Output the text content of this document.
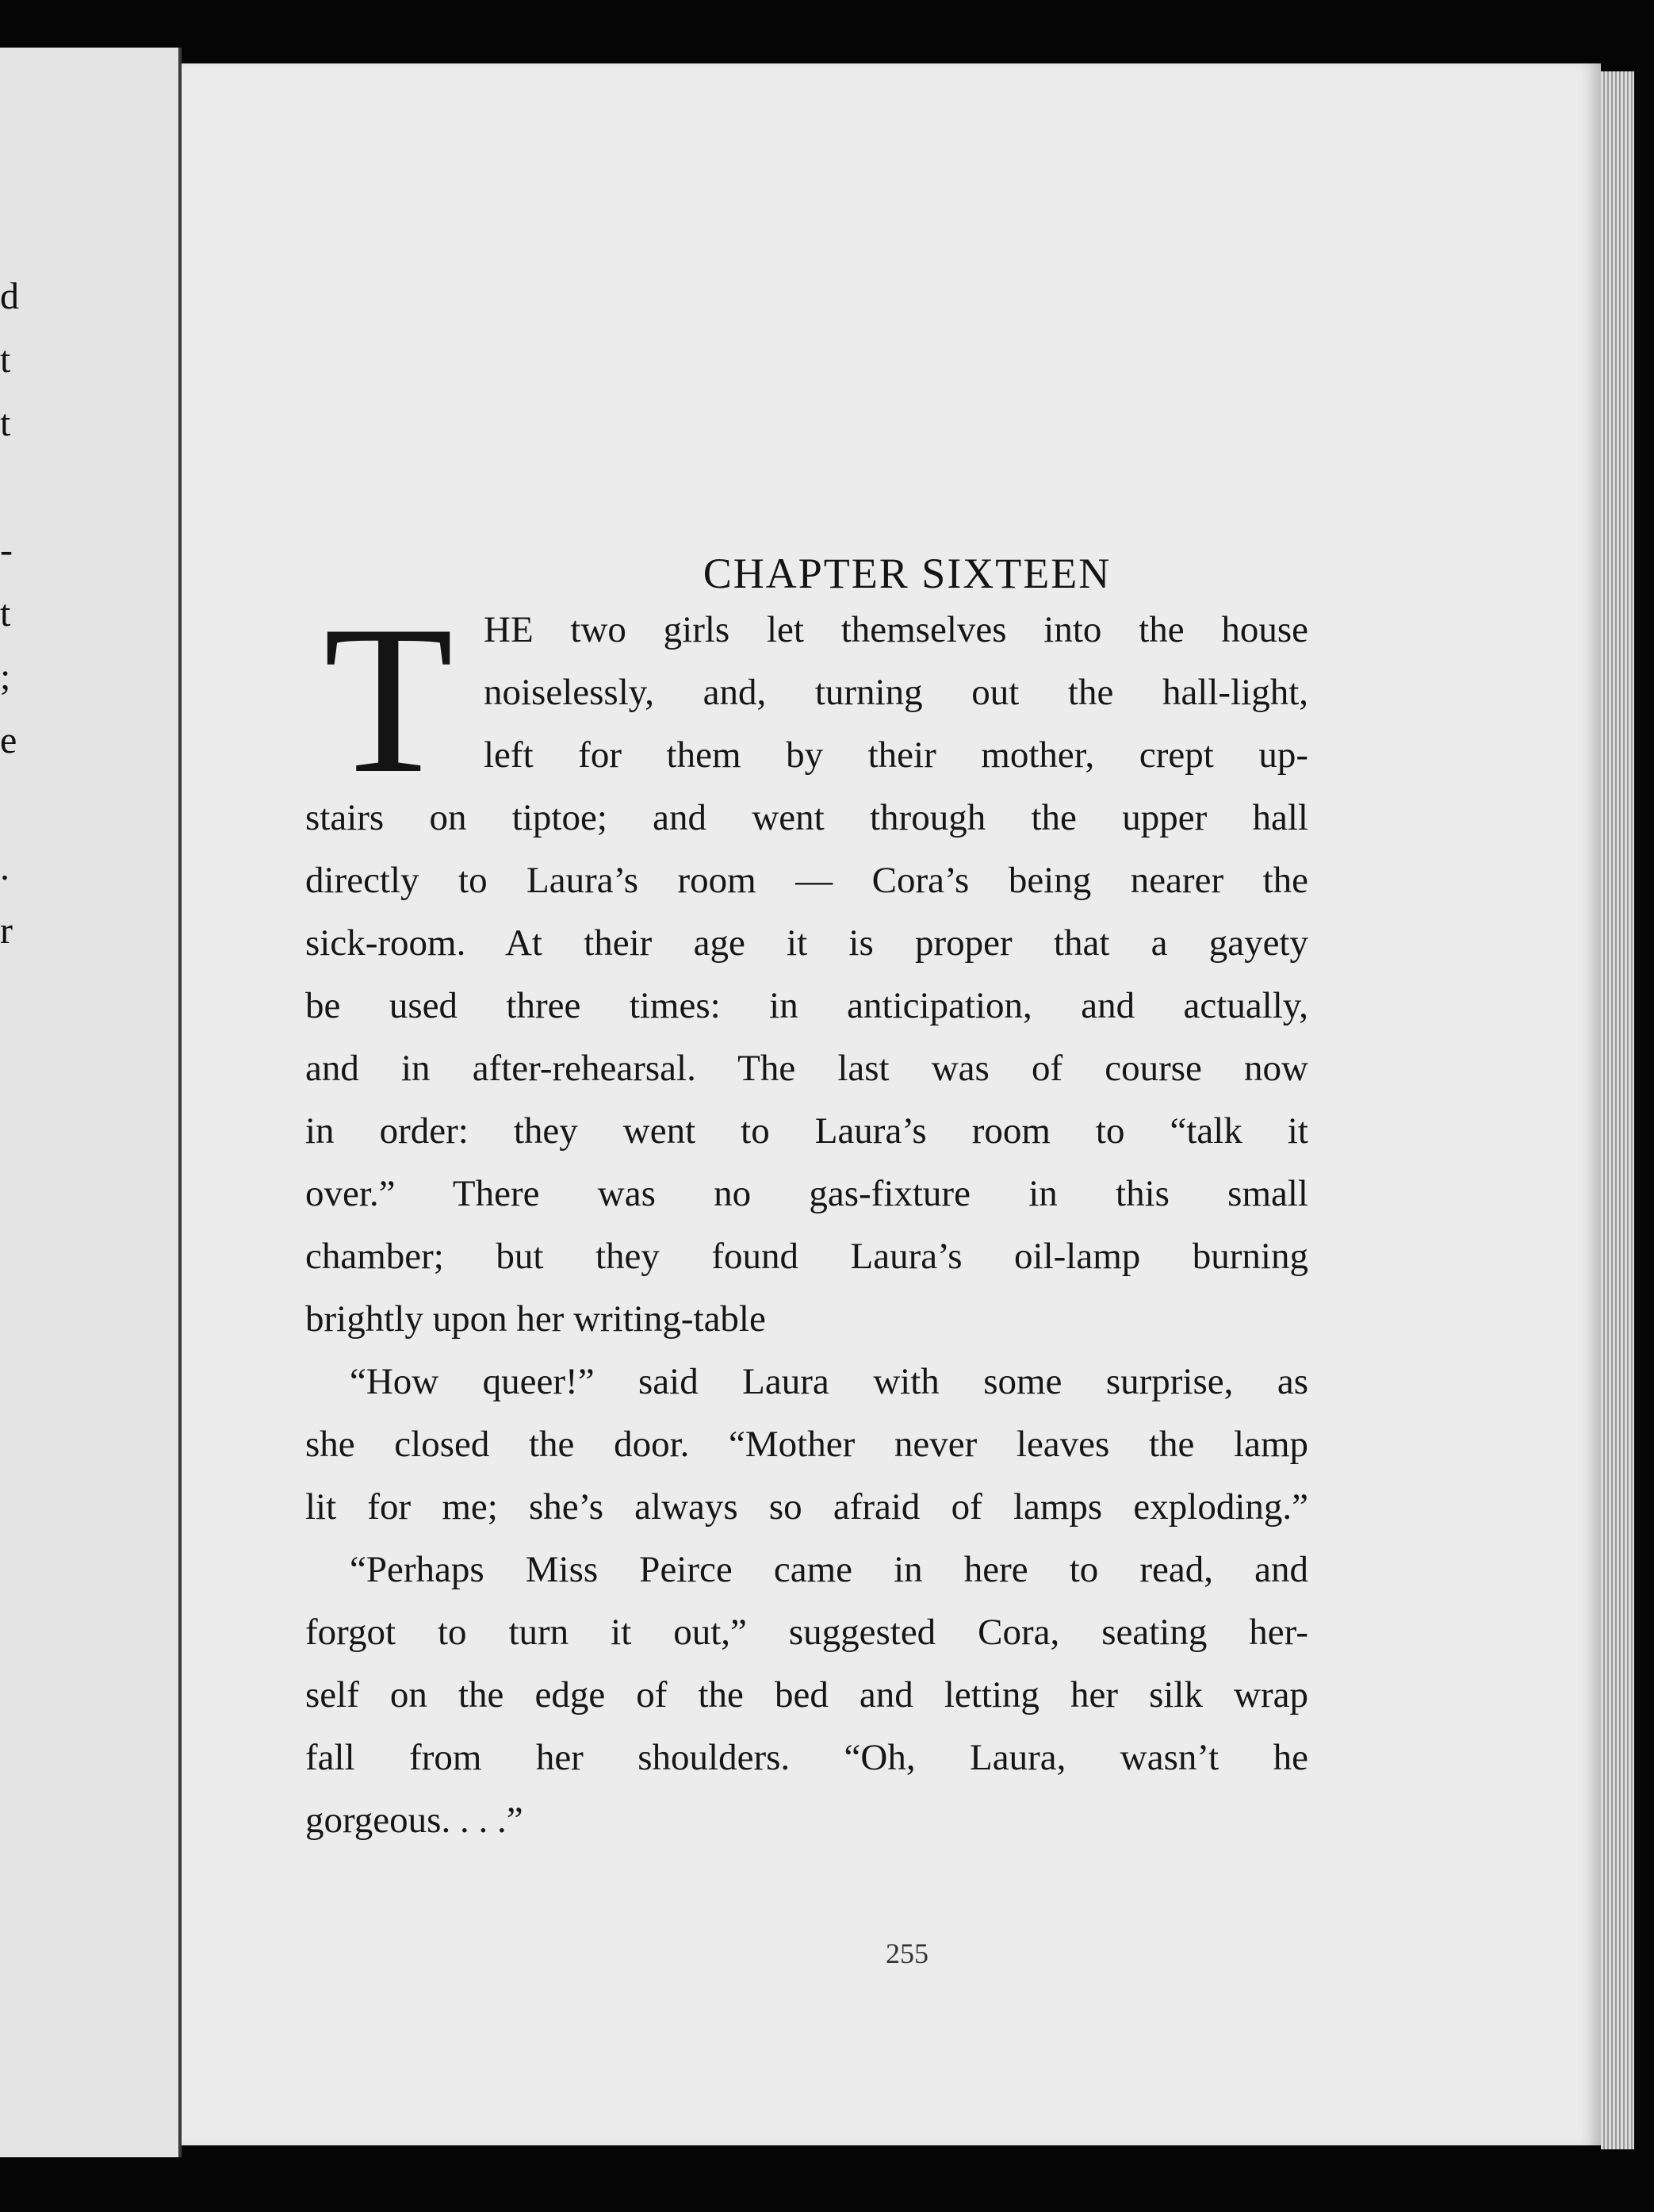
d
t
t
-
t
;
e
.
r
CHAPTER SIXTEEN
255
T HE two girls let themselves into the house
noiselessly, and, turning out the hall-light,
left for them by their mother, crept up-
stairs on tiptoe; and went through the upper hall
directly to Laura’s room — Cora’s being nearer the
sick-room. At their age it is proper that a gayety
be used three times: in anticipation, and actually,
and in after-rehearsal. The last was of course now
in order: they went to Laura’s room to “talk it
over.” There was no gas-fixture in this small
chamber; but they found Laura’s oil-lamp burning
brightly upon her writing-table
“How queer!” said Laura with some surprise, as
she closed the door. “Mother never leaves the lamp
lit for me; she’s always so afraid of lamps exploding.”
“Perhaps Miss Peirce came in here to read, and
forgot to turn it out,” suggested Cora, seating her-
self on the edge of the bed and letting her silk wrap
fall from her shoulders. “Oh, Laura, wasn’t he
gorgeous. . . .”
